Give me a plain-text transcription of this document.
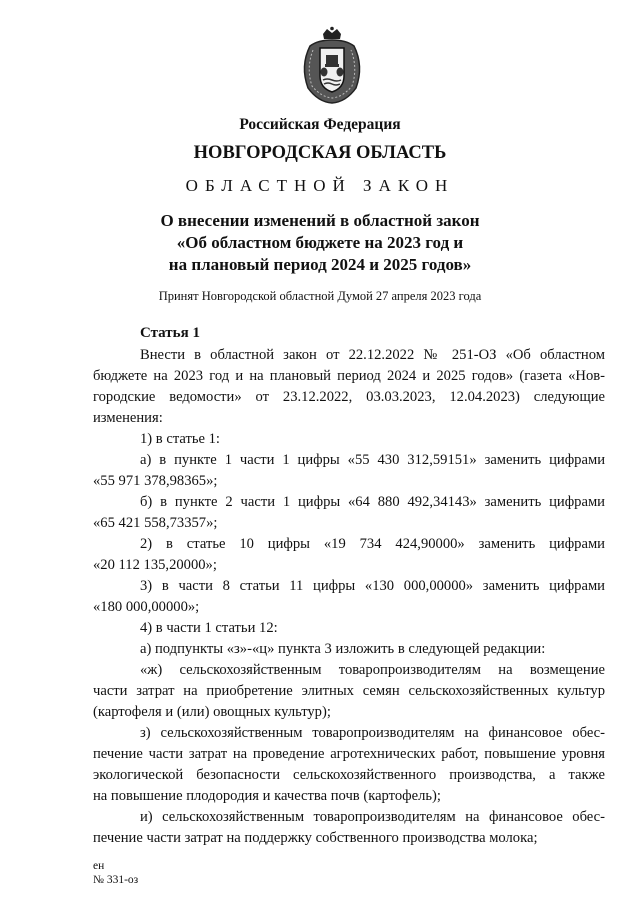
Российская Федерация
НОВГОРОДСКАЯ ОБЛАСТЬ
ОБЛАСТНОЙ ЗАКОН
О внесении изменений в областной закон
«Об областном бюджете на 2023 год и
на плановый период 2024 и 2025 годов»
Принят Новгородской областной Думой 27 апреля 2023 года
Статья 1
Внести в областной закон от 22.12.2022 № 251-ОЗ «Об областном
бюджете на 2023 год и на плановый период 2024 и 2025 годов» (газета «Нов-
городские ведомости» от 23.12.2022, 03.03.2023, 12.04.2023) следующие
изменения:
1) в статье 1:
а) в пункте 1 части 1 цифры «55 430 312,59151» заменить цифрами
«55 971 378,98365»;
б) в пункте 2 части 1 цифры «64 880 492,34143» заменить цифрами
«65 421 558,73357»;
2) в статье 10 цифры «19 734 424,90000» заменить цифрами
«20 112 135,20000»;
3) в части 8 статьи 11 цифры «130 000,00000» заменить цифрами
«180 000,00000»;
4) в части 1 статьи 12:
а) подпункты «з»-«ц» пункта 3 изложить в следующей редакции:
«ж) сельскохозяйственным товаропроизводителям на возмещение
части затрат на приобретение элитных семян сельскохозяйственных культур
(картофеля и (или) овощных культур);
з) сельскохозяйственным товаропроизводителям на финансовое обес-
печение части затрат на проведение агротехнических работ, повышение уровня
экологической безопасности сельскохозяйственного производства, а также
на повышение плодородия и качества почв (картофель);
и) сельскохозяйственным товаропроизводителям на финансовое обес-
печение части затрат на поддержку собственного производства молока;
ен
№ 331-оз
